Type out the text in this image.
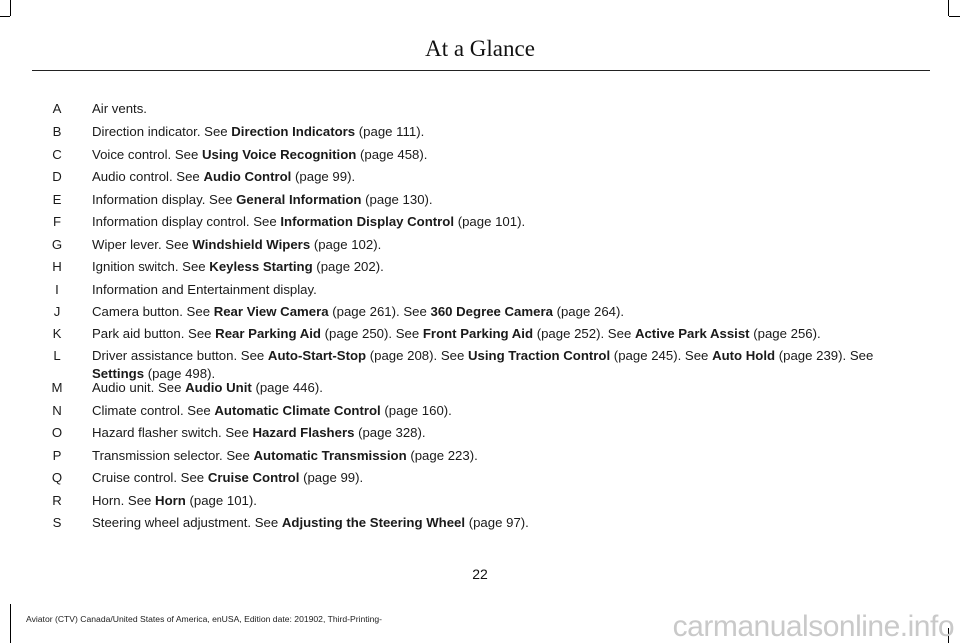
At a Glance
A	Air vents.
B	Direction indicator. See Direction Indicators (page 111).
C	Voice control. See Using Voice Recognition (page 458).
D	Audio control. See Audio Control (page 99).
E	Information display. See General Information (page 130).
F	Information display control. See Information Display Control (page 101).
G Wiper lever. See Windshield Wipers (page 102).
H	Ignition switch. See Keyless Starting (page 202).
I	Information and Entertainment display.
J	Camera button. See Rear View Camera (page 261). See 360 Degree Camera (page 264).
K	Park aid button. See Rear Parking Aid (page 250). See Front Parking Aid (page 252). See Active Park Assist (page 256).
L	Driver assistance button. See Auto-Start-Stop (page 208). See Using Traction Control (page 245). See Auto Hold (page 239). See
Settings (page 498).
M Audio unit. See Audio Unit (page 446).
N	Climate control. See Automatic Climate Control (page 160).
O Hazard flasher switch. See Hazard Flashers (page 328).
P	Transmission selector. See Automatic Transmission (page 223).
Q Cruise control. See Cruise Control (page 99).
R	Horn. See Horn (page 101).
S	Steering wheel adjustment. See Adjusting the Steering Wheel (page 97).
22
Aviator (CTV) Canada/United States of America, enUSA, Edition date: 201902, Third-Printing-	carmanualsonline.info
